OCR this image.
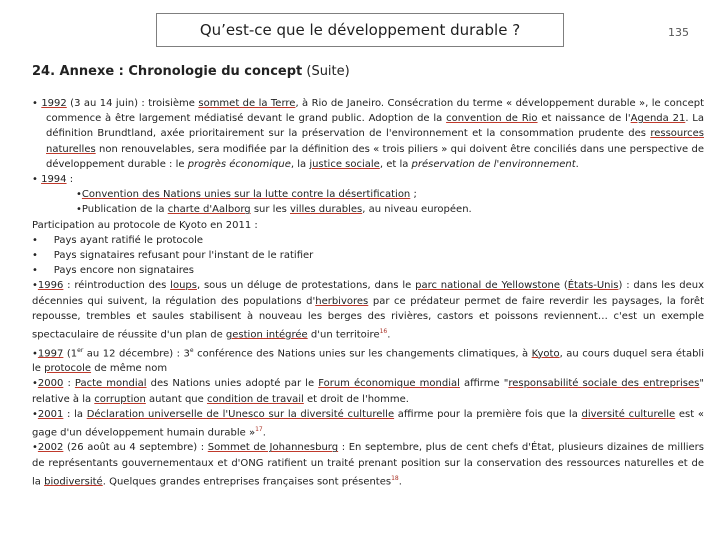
Qu’est-ce que le développement durable ?	135
24. Annexe : Chronologie du concept (Suite)

• 1992 (3 au 14 juin) : troisième sommet de la Terre, à Rio de Janeiro. Consécration du terme « développement durable », le concept commence à être largement médiatisé devant le grand public. Adoption de la convention de Rio et naissance de l'Agenda 21. La définition Brundtland, axée prioritairement sur la préservation de l'environnement et la consommation prudente des ressources naturelles non renouvelables, sera modifiée par la définition des « trois piliers » qui doivent être conciliés dans une perspective de développement durable : le progrès économique, la justice sociale, et la préservation de l'environnement.

• 1994 :

•Convention des Nations unies sur la lutte contre la désertification ;

•Publication de la charte d'Aalborg sur les villes durables, au niveau européen.

Participation au protocole de Kyoto en 2011 :

•     Pays ayant ratifié le protocole

•     Pays signataires refusant pour l'instant de le ratifier

•     Pays encore non signataires

•1996 : réintroduction des loups, sous un déluge de protestations, dans le parc national de Yellowstone (États-Unis) : dans les deux décennies qui suivent, la régulation des populations d'herbivores par ce prédateur permet de faire reverdir les paysages, la forêt repousse, trembles et saules stabilisent à nouveau les berges des rivières, castors et poissons reviennent… c'est un exemple spectaculaire de réussite d'un plan de gestion intégrée d'un territoire$^{16}$.

•1997 (1er au 12 décembre) : 3e conférence des Nations unies sur les changements climatiques, à Kyoto, au cours duquel sera établi le protocole de même nom

•2000 : Pacte mondial des Nations unies adopté par le Forum économique mondial affirme "responsabilité sociale des entreprises" relative à la corruption autant que condition de travail et droit de l'homme.

•2001 : la Déclaration universelle de l'Unesco sur la diversité culturelle affirme pour la première fois que la diversité culturelle est « gage d'un développement humain durable »$^{17}$.

•2002 (26 août au 4 septembre) : Sommet de Johannesburg : En septembre, plus de cent chefs d'État, plusieurs dizaines de milliers de représentants gouvernementaux et d'ONG ratifient un traité prenant position sur la conservation des ressources naturelles et de la biodiversité. Quelques grandes entreprises françaises sont présentes$^{18}$.
